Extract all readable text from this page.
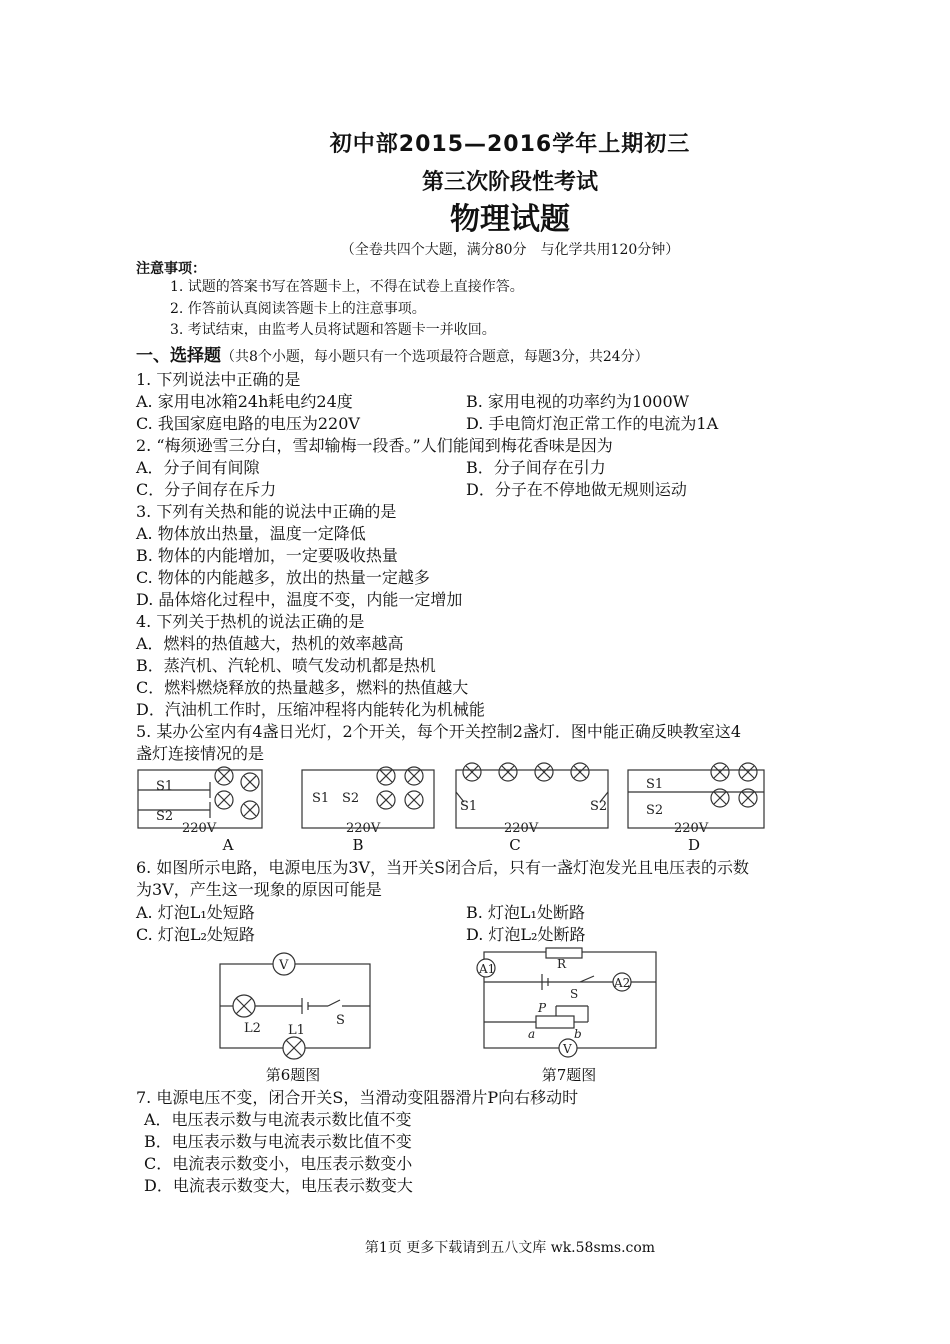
初中部2015—2016学年上期初三
第三次阶段性考试
物理试题
（全卷共四个大题，满分80分　与化学共用120分钟）
注意事项：
1. 试题的答案书写在答题卡上，不得在试卷上直接作答。
2. 作答前认真阅读答题卡上的注意事项。
3. 考试结束，由监考人员将试题和答题卡一并收回。
一、选择题（共8个小题，每小题只有一个选项最符合题意，每题3分，共24分）
1. 下列说法中正确的是
A. 家用电冰箱24h耗电约24度	B. 家用电视的功率约为1000W
C. 我国家庭电路的电压为220V	D. 手电筒灯泡正常工作的电流为1A
2. “梅须逊雪三分白，雪却输梅一段香。”人们能闻到梅花香味是因为
A．分子间有间隙	B．分子间存在引力
C．分子间存在斥力	D．分子在不停地做无规则运动
3. 下列有关热和能的说法中正确的是
A. 物体放出热量，温度一定降低
B. 物体的内能增加，一定要吸收热量
C. 物体的内能越多，放出的热量一定越多
D. 晶体熔化过程中，温度不变，内能一定增加
4. 下列关于热机的说法正确的是
A．燃料的热值越大，热机的效率越高
B．蒸汽机、汽轮机、喷气发动机都是热机
C．燃料燃烧释放的热量越多，燃料的热值越大
D．汽油机工作时，压缩冲程将内能转化为机械能
5. 某办公室内有4盏日光灯，2个开关，每个开关控制2盏灯．图中能正确反映教室这4
盏灯连接情况的是
S1
S2
220V
S1 S2
220V
S1	S2
220V
S1
S2
220V
A	B	C	D
6. 如图所示电路，电源电压为3V，当开关S闭合后，只有一盏灯泡发光且电压表的示数
为3V，产生这一现象的原因可能是
A. 灯泡L₁处短路	B. 灯泡L₁处断路
C. 灯泡L₂处短路	D. 灯泡L₂处断路
V
L2 L1
S
第6题图
A1	R
S
A2
P
a	b
V
第7题图
7. 电源电压不变，闭合开关S，当滑动变阻器滑片P向右移动时
A．电压表示数与电流表示数比值不变
B．电压表示数与电流表示数比值不变
C．电流表示数变小，电压表示数变小
D．电流表示数变大，电压表示数变大
第1页 更多下载请到五八文库 wk.58sms.com
